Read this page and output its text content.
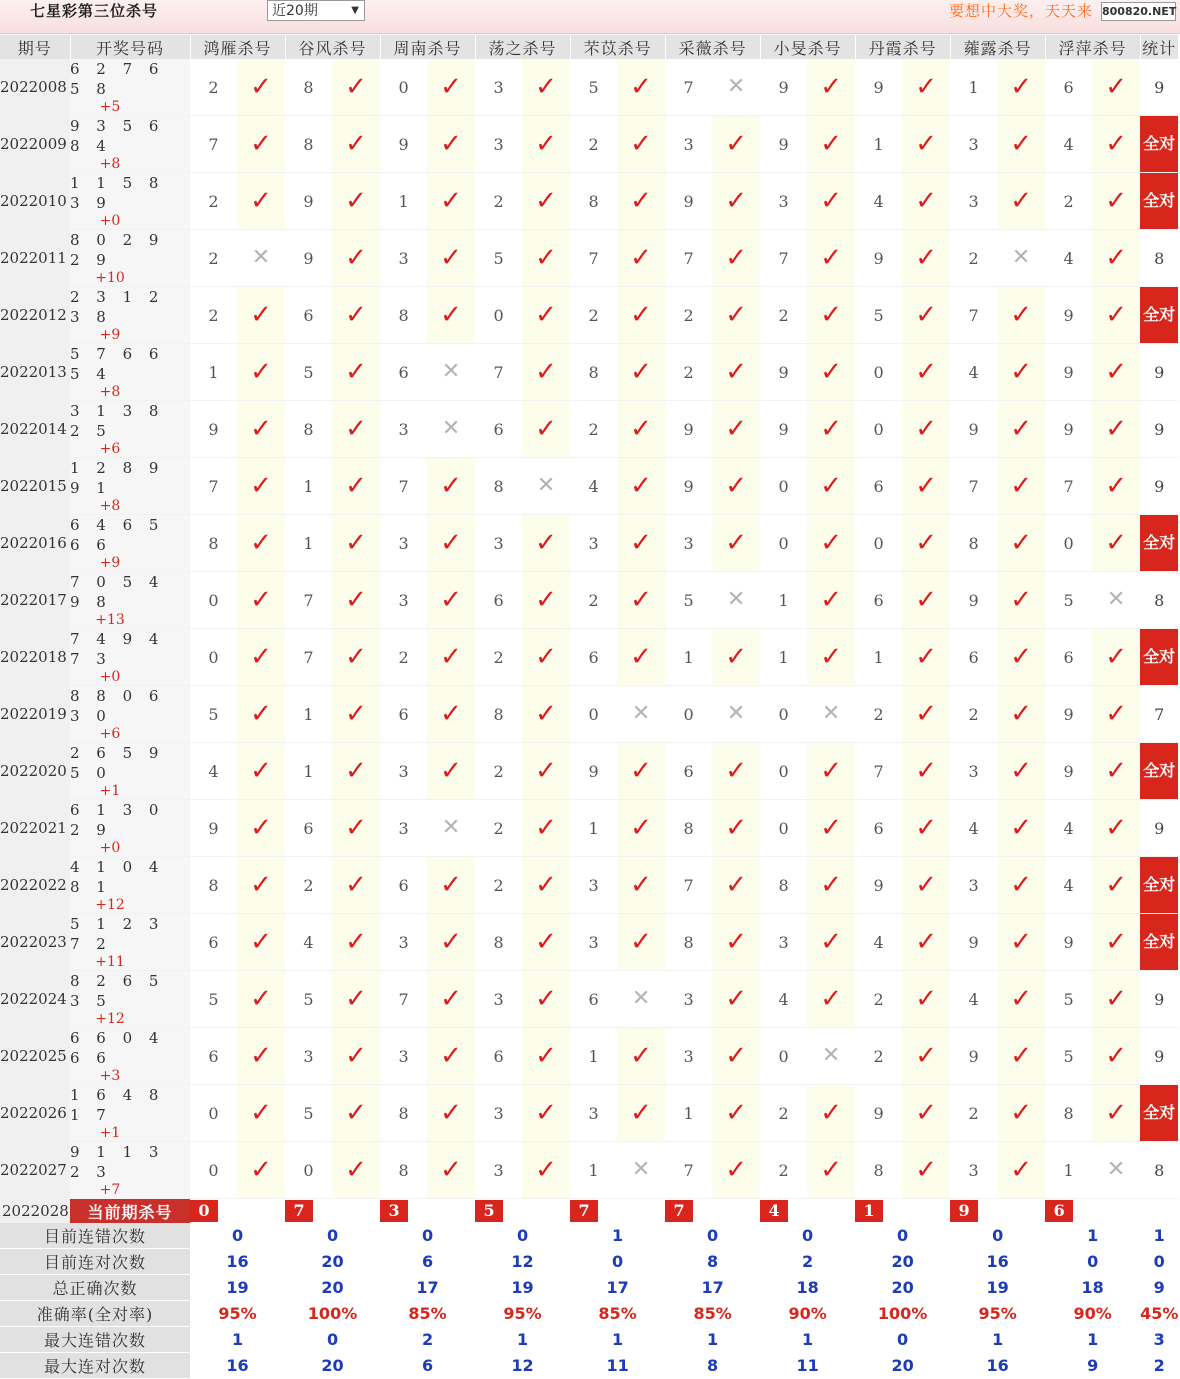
七星彩第三位杀号	近20期	▼	要想中大奖，天天来 800820.NET
期号	开奖号码	鸿雁杀号		谷风杀号		周南杀号		荡之杀号		芣苡杀号		采薇杀号		小旻杀号		丹霞杀号		蕹露杀号		浮萍杀号		统计
2022008	6 2 7 6 5 8
+5	2	✓	8	✓	0	✓	3	✓	5	✓	7	✕	9	✓	9	✓	1	✓	6	✓	9
2022009	9 3 5 6 8 4
+8	7	✓	8	✓	9	✓	3	✓	2	✓	3	✓	9	✓	1	✓	3	✓	4	✓	全对
2022010	1 1 5 8 3 9
+0	2	✓	9	✓	1	✓	2	✓	8	✓	9	✓	3	✓	4	✓	3	✓	2	✓	全对
2022011	8 0 2 9 2 9
+10	2	✕	9	✓	3	✓	5	✓	7	✓	7	✓	7	✓	9	✓	2	✕	4	✓	8
2022012	2 3 1 2 3 8
+9	2	✓	6	✓	8	✓	0	✓	2	✓	2	✓	2	✓	5	✓	7	✓	9	✓	全对
2022013	5 7 6 6 5 4
+8	1	✓	5	✓	6	✕	7	✓	8	✓	2	✓	9	✓	0	✓	4	✓	9	✓	9
2022014	3 1 3 8 2 5
+6	9	✓	8	✓	3	✕	6	✓	2	✓	9	✓	9	✓	0	✓	9	✓	9	✓	9
2022015	1 2 8 9 9 1
+8	7	✓	1	✓	7	✓	8	✕	4	✓	9	✓	0	✓	6	✓	7	✓	7	✓	9
2022016	6 4 6 5 6 6
+9	8	✓	1	✓	3	✓	3	✓	3	✓	3	✓	0	✓	0	✓	8	✓	0	✓	全对
2022017	7 0 5 4 9 8
+13	0	✓	7	✓	3	✓	6	✓	2	✓	5	✕	1	✓	6	✓	9	✓	5	✕	8
2022018	7 4 9 4 7 3
+0	0	✓	7	✓	2	✓	2	✓	6	✓	1	✓	1	✓	1	✓	6	✓	6	✓	全对
2022019	8 8 0 6 3 0
+6	5	✓	1	✓	6	✓	8	✓	0	✕	0	✕	0	✕	2	✓	2	✓	9	✓	7
2022020	2 6 5 9 5 0
+1	4	✓	1	✓	3	✓	2	✓	9	✓	6	✓	0	✓	7	✓	3	✓	9	✓	全对
2022021	6 1 3 0 2 9
+0	9	✓	6	✓	3	✕	2	✓	1	✓	8	✓	0	✓	6	✓	4	✓	4	✓	9
2022022	4 1 0 4 8 1
+12	8	✓	2	✓	6	✓	2	✓	3	✓	7	✓	8	✓	9	✓	3	✓	4	✓	全对
2022023	5 1 2 3 7 2
+11	6	✓	4	✓	3	✓	8	✓	3	✓	8	✓	3	✓	4	✓	9	✓	9	✓	全对
2022024	8 2 6 5 3 5
+12	5	✓	5	✓	7	✓	3	✓	6	✕	3	✓	4	✓	2	✓	4	✓	5	✓	9
2022025	6 6 0 4 6 6
+3	6	✓	3	✓	3	✓	6	✓	1	✓	3	✓	0	✕	2	✓	9	✓	5	✓	9
2022026	1 6 4 8 1 7
+1	0	✓	5	✓	8	✓	3	✓	3	✓	1	✓	2	✓	9	✓	2	✓	8	✓	全对
2022027	9 1 1 3 2 3
+7	0	✓	0	✓	8	✓	3	✓	1	✕	7	✓	2	✓	8	✓	3	✓	1	✕	8
2022028	当前期杀号	0		7		3		5		7		7		4		1		9		6		
目前连错次数		0		0		0		0		1		0		0		0		0		1		1
目前连对次数		16		20		6		12		0		8		2		20		16		0		0
总正确次数		19		20		17		19		17		17		18		20		19		18		9
准确率(全对率)		95%		100%		85%		95%		85%		85%		90%		100%		95%		90%		45%
最大连错次数		1		0		2		1		1		1		1		0		1		1		3
最大连对次数		16		20		6		12		11		8		11		20		16		9		2
